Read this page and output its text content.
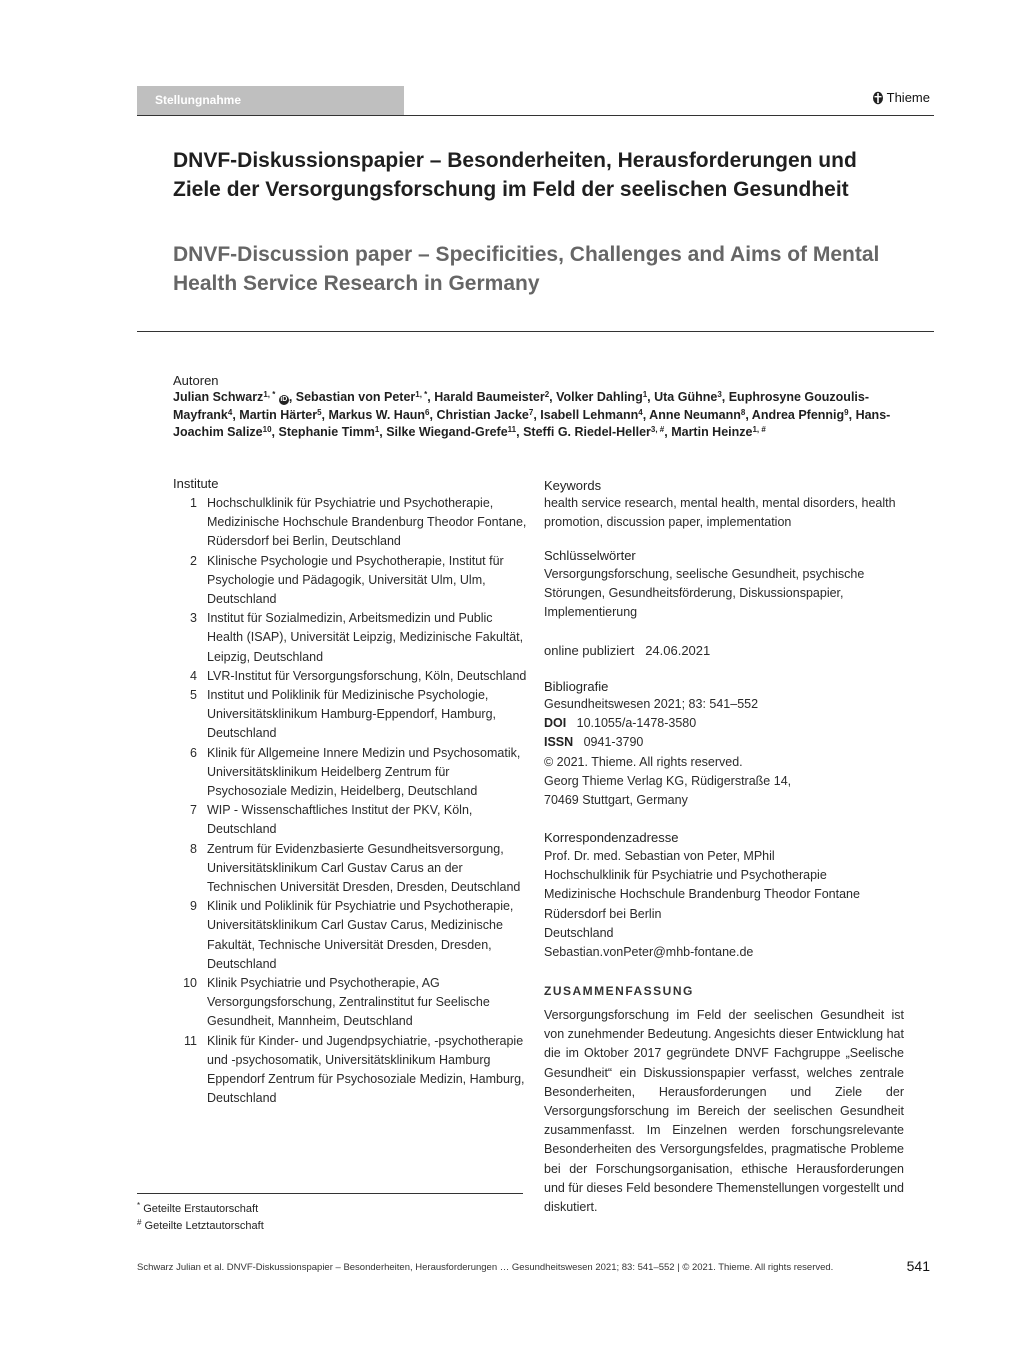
Stellungnahme	Thieme
DNVF-Diskussionspapier – Besonderheiten, Herausforderungen und Ziele der Versorgungsforschung im Feld der seelischen Gesundheit
DNVF-Discussion paper – Specificities, Challenges and Aims of Mental Health Service Research in Germany
Autoren
Julian Schwarz$^{1, *}$ iD , Sebastian von Peter$^{1, *}$, Harald Baumeister$^2$, Volker Dahling$^1$, Uta Gühne$^3$, Euphrosyne Gouzoulis-Mayfrank$^4$, Martin Härter$^5$, Markus W. Haun$^6$, Christian Jacke$^7$, Isabell Lehmann$^4$, Anne Neumann$^8$, Andrea Pfennig$^9$, Hans-Joachim Salize$^{10}$, Stephanie Timm$^1$, Silke Wiegand-Grefe$^{11}$, Steffi G. Riedel-Heller$^{3, \#}$, Martin Heinze$^{1, \#}$
Institute
1 Hochschulklinik für Psychiatrie und Psychotherapie, Medizinische Hochschule Brandenburg Theodor Fontane, Rüdersdorf bei Berlin, Deutschland
2 Klinische Psychologie und Psychotherapie, Institut für Psychologie und Pädagogik, Universität Ulm, Ulm, Deutschland
3 Institut für Sozialmedizin, Arbeitsmedizin und Public Health (ISAP), Universität Leipzig, Medizinische Fakultät, Leipzig, Deutschland
4 LVR-Institut für Versorgungsforschung, Köln, Deutschland
5 Institut und Poliklinik für Medizinische Psychologie, Universitätsklinikum Hamburg-Eppendorf, Hamburg, Deutschland
6 Klinik für Allgemeine Innere Medizin und Psychosomatik, Universitätsklinikum Heidelberg Zentrum für Psychosoziale Medizin, Heidelberg, Deutschland
7 WIP - Wissenschaftliches Institut der PKV, Köln, Deutschland
8 Zentrum für Evidenzbasierte Gesundheitsversorgung, Universitätsklinikum Carl Gustav Carus an der Technischen Universität Dresden, Dresden, Deutschland
9 Klinik und Poliklinik für Psychiatrie und Psychotherapie, Universitätsklinikum Carl Gustav Carus, Medizinische Fakultät, Technische Universität Dresden, Dresden, Deutschland
10 Klinik Psychiatrie und Psychotherapie, AG Versorgungsforschung, Zentralinstitut fur Seelische Gesundheit, Mannheim, Deutschland
11 Klinik für Kinder- und Jugendpsychiatrie, -psychotherapie und -psychosomatik, Universitätsklinikum Hamburg Eppendorf Zentrum für Psychosoziale Medizin, Hamburg, Deutschland
* Geteilte Erstautorschaft
# Geteilte Letztautorschaft
Keywords
health service research, mental health, mental disorders, health promotion, discussion paper, implementation
Schlüsselwörter
Versorgungsforschung, seelische Gesundheit, psychische Störungen, Gesundheitsförderung, Diskussionspapier, Implementierung
online publiziert 24.06.2021
Bibliografie
Gesundheitswesen 2021; 83: 541–552
DOI 10.1055/a-1478-3580
ISSN 0941-3790
© 2021. Thieme. All rights reserved.
Georg Thieme Verlag KG, Rüdigerstraße 14,
70469 Stuttgart, Germany
Korrespondenzadresse
Prof. Dr. med. Sebastian von Peter, MPhil
Hochschulklinik für Psychiatrie und Psychotherapie
Medizinische Hochschule Brandenburg Theodor Fontane
Rüdersdorf bei Berlin
Deutschland
Sebastian.vonPeter@mhb-fontane.de
ZUSAMMENFASSUNG
Versorgungsforschung im Feld der seelischen Gesundheit ist von zunehmender Bedeutung. Angesichts dieser Entwicklung hat die im Oktober 2017 gegründete DNVF Fachgruppe „Seelische Gesundheit“ ein Diskussionspapier verfasst, welches zentrale Besonderheiten, Herausforderungen und Ziele der Versorgungsforschung im Bereich der seelischen Gesundheit zusammenfasst. Im Einzelnen werden forschungsrelevante Besonderheiten des Versorgungsfeldes, pragmatische Probleme bei der Forschungsorganisation, ethische Herausforderungen und für dieses Feld besondere Themenstellungen vorgestellt und diskutiert.
Schwarz Julian et al. DNVF-Diskussionspapier – Besonderheiten, Herausforderungen … Gesundheitswesen 2021; 83: 541–552 | © 2021. Thieme. All rights reserved.	541
